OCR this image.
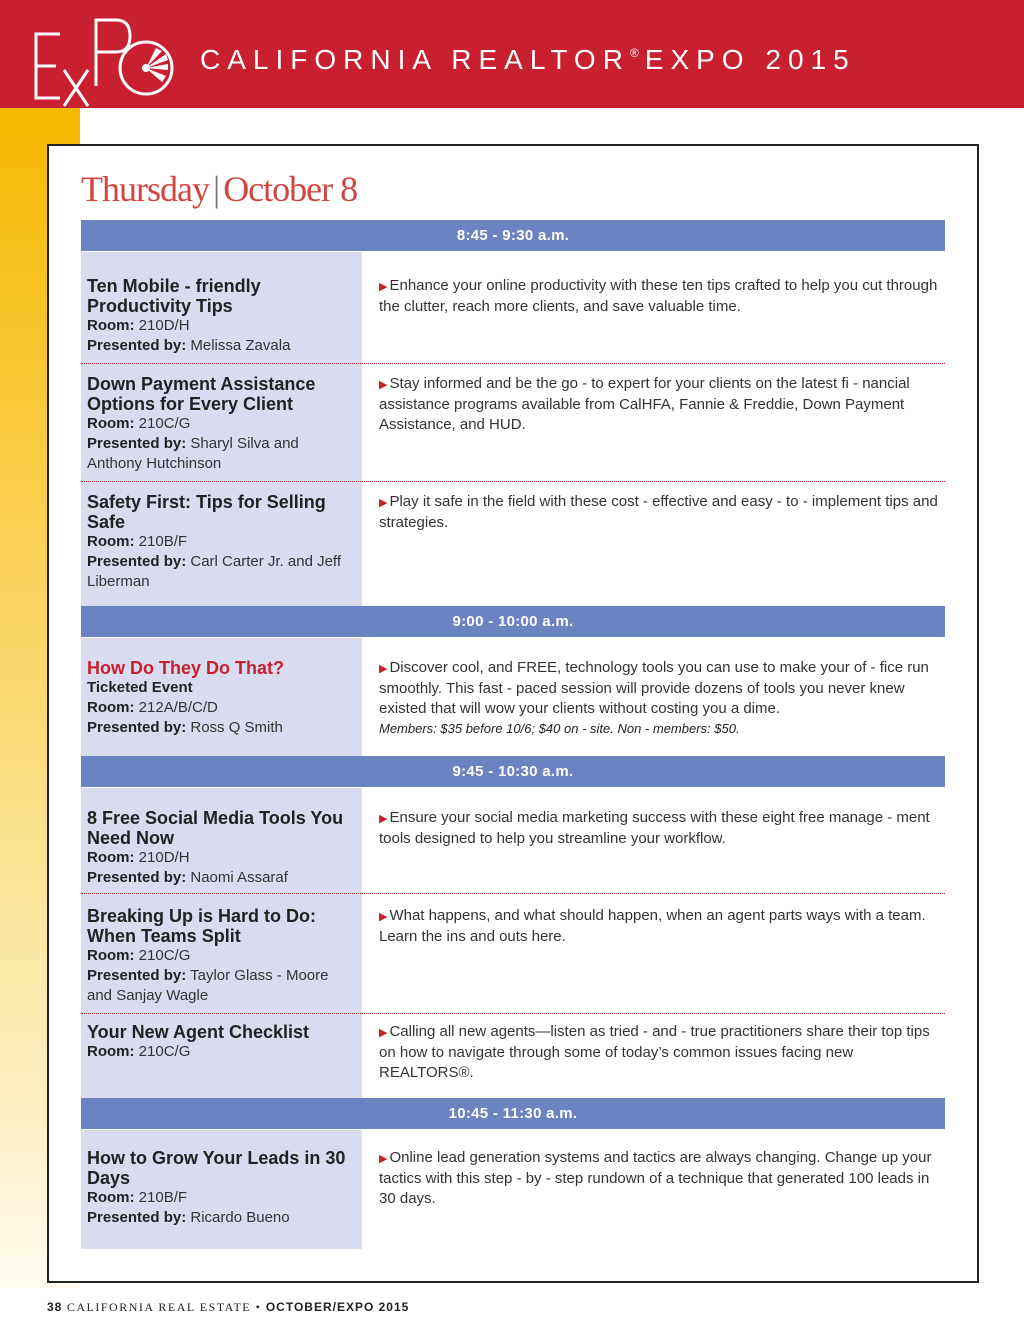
CALIFORNIA REALTOR® EXPO 2015
Thursday | October 8
8:45 - 9:30 a.m.
9:00 - 10:00 a.m.
9:45 - 10:30 a.m.
10:45 - 11:30 a.m.
Ten Mobile - friendly Productivity Tips
Room: 210D/H
Presented by: Melissa Zavala
▶ Enhance your online productivity with these ten tips crafted to help you cut through the clutter, reach more clients, and save valuable time.
Down Payment Assistance Options for Every Client
Room: 210C/G
Presented by: Sharyl Silva and Anthony Hutchinson
▶ Stay informed and be the go - to expert for your clients on the latest fi - nancial assistance programs available from CalHFA, Fannie & Freddie, Down Payment Assistance, and HUD.
Safety First: Tips for Selling Safe
Room: 210B/F
Presented by: Carl Carter Jr. and Jeff Liberman
▶ Play it safe in the field with these cost - effective and easy - to - implement tips and strategies.
How Do They Do That?
Ticketed Event
Room: 212A/B/C/D
Presented by: Ross Q Smith
▶ Discover cool, and FREE, technology tools you can use to make your of - fice run smoothly. This fast - paced session will provide dozens of tools you never knew existed that will wow your clients without costing you a dime.
Members: $35 before 10/6; $40 on - site. Non - members: $50.
8 Free Social Media Tools You Need Now
Room: 210D/H
Presented by: Naomi Assaraf
▶ Ensure your social media marketing success with these eight free manage - ment tools designed to help you streamline your workflow.
Breaking Up is Hard to Do: When Teams Split
Room: 210C/G
Presented by: Taylor Glass - Moore and Sanjay Wagle
▶ What happens, and what should happen, when an agent parts ways with a team. Learn the ins and outs here.
Your New Agent Checklist
Room: 210C/G
▶ Calling all new agents—listen as tried - and - true practitioners share their top tips on how to navigate through some of today’s common issues facing new REALTORS®.
How to Grow Your Leads in 30 Days
Room: 210B/F
Presented by: Ricardo Bueno
▶ Online lead generation systems and tactics are always changing. Change up your tactics with this step - by - step rundown of a technique that generated 100 leads in 30 days.
38 CALIFORNIA REAL ESTATE • OCTOBER/EXPO 2015
